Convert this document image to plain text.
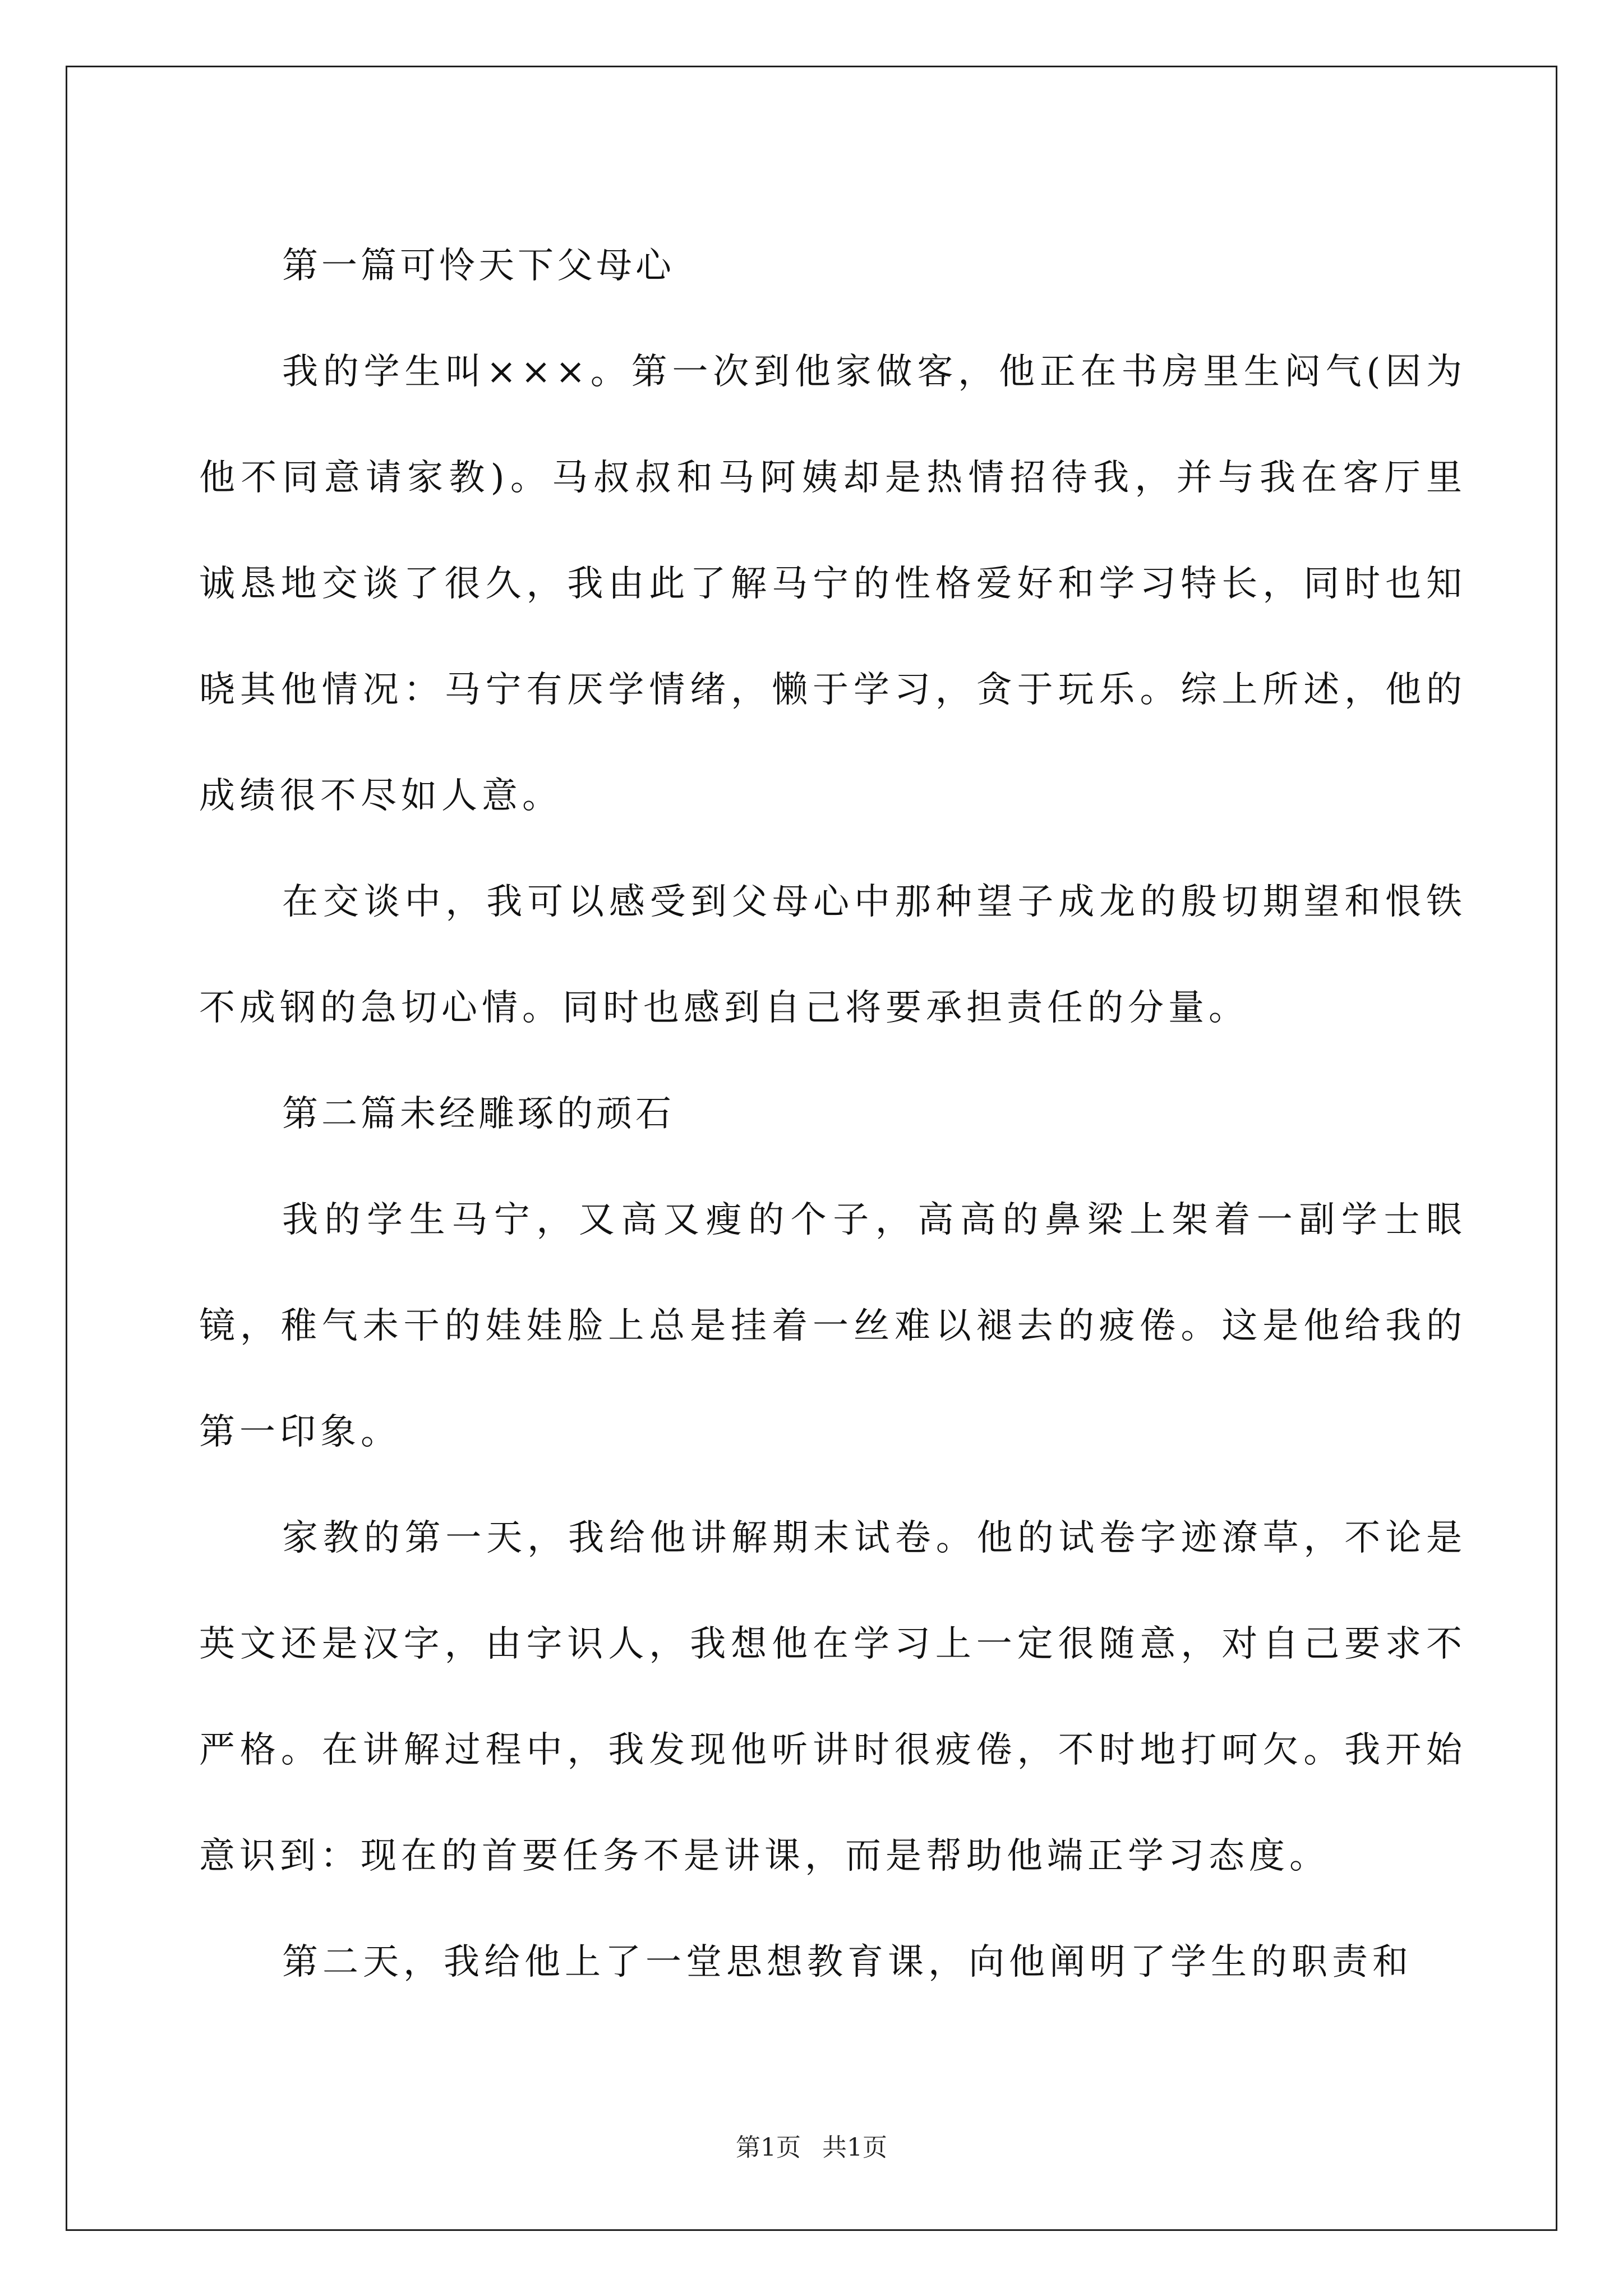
第一篇可怜天下父母心

我的学生叫×××。第一次到他家做客，他正在书房里生闷气(因为他不同意请家教)。马叔叔和马阿姨却是热情招待我，并与我在客厅里诚恳地交谈了很久，我由此了解马宁的性格爱好和学习特长，同时也知晓其他情况：马宁有厌学情绪，懒于学习，贪于玩乐。综上所述，他的成绩很不尽如人意。

在交谈中，我可以感受到父母心中那种望子成龙的殷切期望和恨铁不成钢的急切心情。同时也感到自己将要承担责任的分量。

第二篇未经雕琢的顽石

我的学生马宁，又高又瘦的个子，高高的鼻梁上架着一副学士眼镜，稚气未干的娃娃脸上总是挂着一丝难以褪去的疲倦。这是他给我的第一印象。

家教的第一天，我给他讲解期末试卷。他的试卷字迹潦草，不论是英文还是汉字，由字识人，我想他在学习上一定很随意，对自己要求不严格。在讲解过程中，我发现他听讲时很疲倦，不时地打呵欠。我开始意识到：现在的首要任务不是讲课，而是帮助他端正学习态度。

第二天，我给他上了一堂思想教育课，向他阐明了学生的职责和

第1页 共1页
